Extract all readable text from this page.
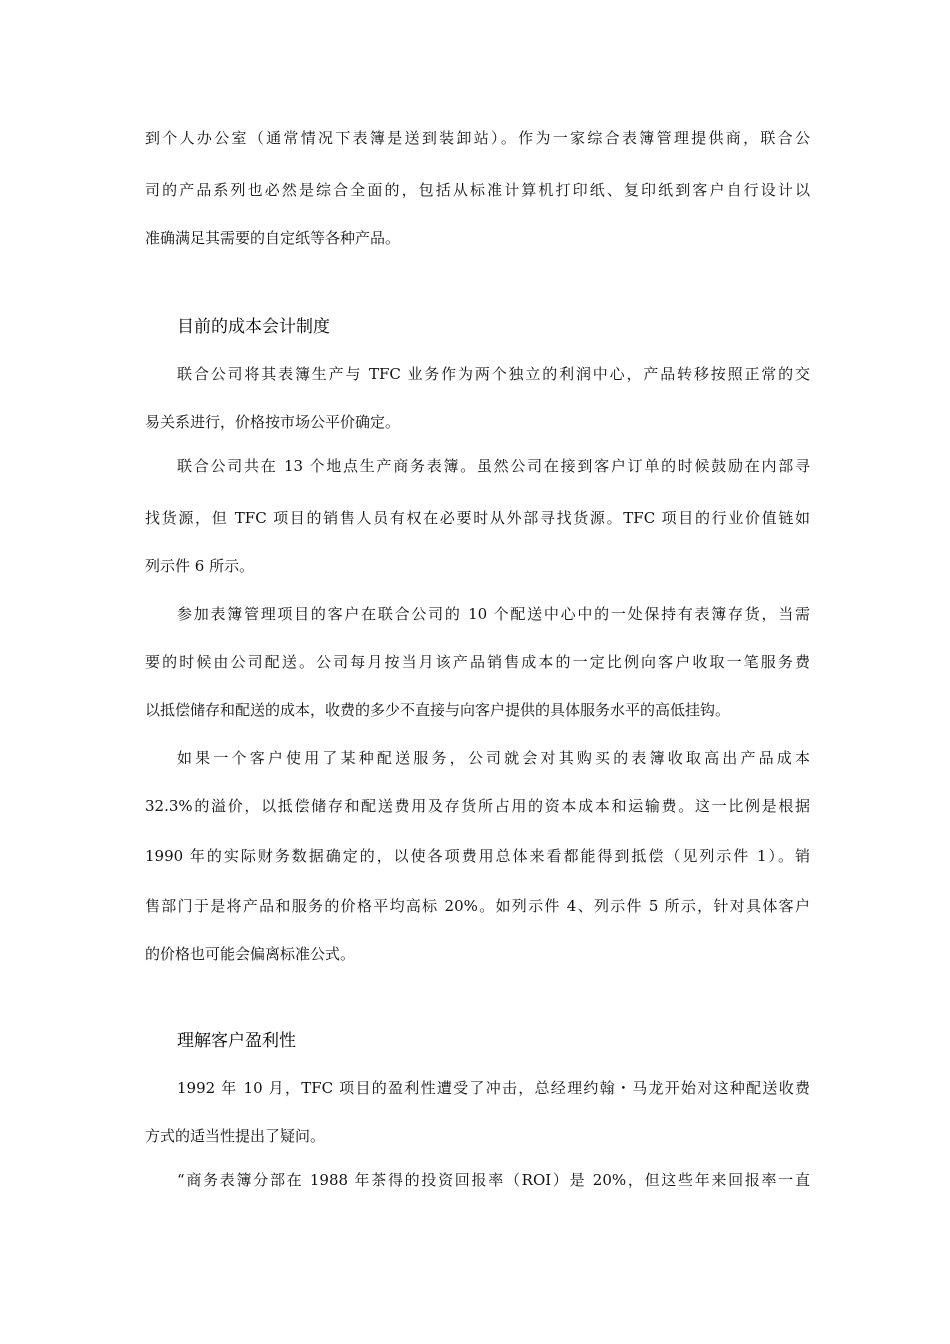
到个人办公室（通常情况下表簿是送到装卸站）。作为一家综合表簿管理提供商，联合公
司的产品系列也必然是综合全面的，包括从标准计算机打印纸、复印纸到客户自行设计以
准确满足其需要的自定纸等各种产品。
目前的成本会计制度
联合公司将其表簿生产与 TFC 业务作为两个独立的利润中心，产品转移按照正常的交
易关系进行，价格按市场公平价确定。
联合公司共在 13 个地点生产商务表簿。虽然公司在接到客户订单的时候鼓励在内部寻
找货源，但 TFC 项目的销售人员有权在必要时从外部寻找货源。TFC 项目的行业价值链如
列示件 6 所示。
参加表簿管理项目的客户在联合公司的 10 个配送中心中的一处保持有表簿存货，当需
要的时候由公司配送。公司每月按当月该产品销售成本的一定比例向客户收取一笔服务费
以抵偿储存和配送的成本，收费的多少不直接与向客户提供的具体服务水平的高低挂钩。
如果一个客户使用了某种配送服务，公司就会对其购买的表簿收取高出产品成本
32.3%的溢价，以抵偿储存和配送费用及存货所占用的资本成本和运输费。这一比例是根据
1990 年的实际财务数据确定的，以使各项费用总体来看都能得到抵偿（见列示件 1）。销
售部门于是将产品和服务的价格平均高标 20%。如列示件 4、列示件 5 所示，针对具体客户
的价格也可能会偏离标准公式。
理解客户盈利性
1992 年 10 月，TFC 项目的盈利性遭受了冲击，总经理约翰・马龙开始对这种配送收费
方式的适当性提出了疑问。
“商务表簿分部在 1988 年茶得的投资回报率（ROI）是 20%，但这些年来回报率一直
